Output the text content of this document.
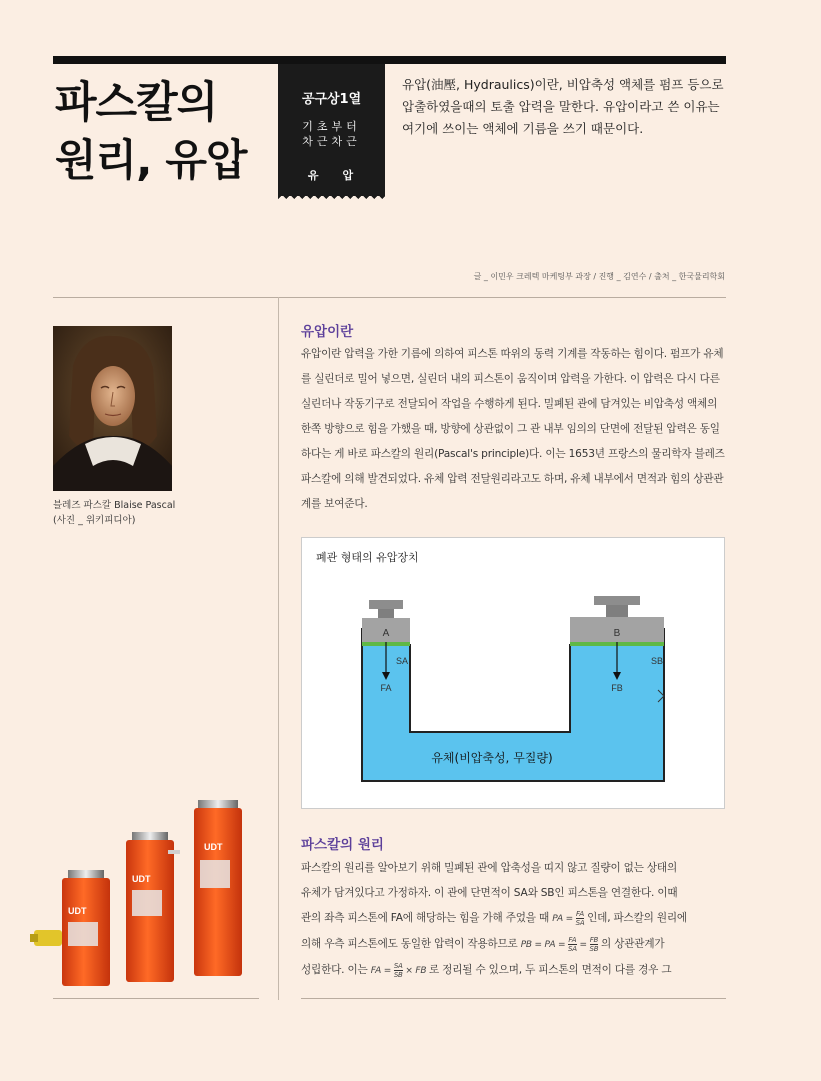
파스칼의
원리, 유압
공구상1열
기초부터
차근차근
유압
유압(油壓, Hydraulics)이란, 비압축성 액체를 펌프 등으로 압출하였을때의 토출 압력을 말한다. 유압이라고 쓴 이유는 여기에 쓰이는 액체에 기름을 쓰기 때문이다.
글 _ 이민우 크레텍 마케팅부 과장 / 진행 _ 김연수 / 출처 _ 한국물리학회
블레즈 파스칼 Blaise Pascal
(사진 _ 위키피디아)
유압이란
유압이란 압력을 가한 기름에 의하여 피스톤 따위의 동력 기계를 작동하는 힘이다. 펌프가 유체를 실린더로 밀어 넣으면, 실린더 내의 피스톤이 움직이며 압력을 가한다. 이 압력은 다시 다른 실린더나 작동기구로 전달되어 작업을 수행하게 된다. 밀폐된 관에 담겨있는 비압축성 액체의 한쪽 방향으로 힘을 가했을 때, 방향에 상관없이 그 관 내부 임의의 단면에 전달된 압력은 동일하다는 게 바로 파스칼의 원리(Pascal's principle)다. 이는 1653년 프랑스의 물리학자 블레즈 파스칼에 의해 발견되었다. 유체 압력 전달원리라고도 하며, 유체 내부에서 면적과 힘의 상관관계를 보여준다.
폐관 형태의 유압장치
A	B
SA	SB
FA	FB
유체(비압축성, 무질량)
파스칼의 원리
파스칼의 원리를 알아보기 위해 밀폐된 관에 압축성을 띠지 않고 질량이 없는 상태의
유체가 담겨있다고 가정하자. 이 관에 단면적이 SA와 SB인 피스톤을 연결한다. 이때
관의 좌측 피스톤에 FA에 해당하는 힘을 가해 주었을 때 PA = $\frac{FA}{SA}$ 인데, 파스칼의 원리에
의해 우측 피스톤에도 동일한 압력이 작용하므로 PB = PA = $\frac{FA}{SA} = \frac{FB}{SB}$ 의 상관관계가
성립한다. 이는 FA = $\frac{SA}{SB}$ × FB 로 정리될 수 있으며, 두 피스톤의 면적이 다를 경우 그
UDT
UDT
UDT
